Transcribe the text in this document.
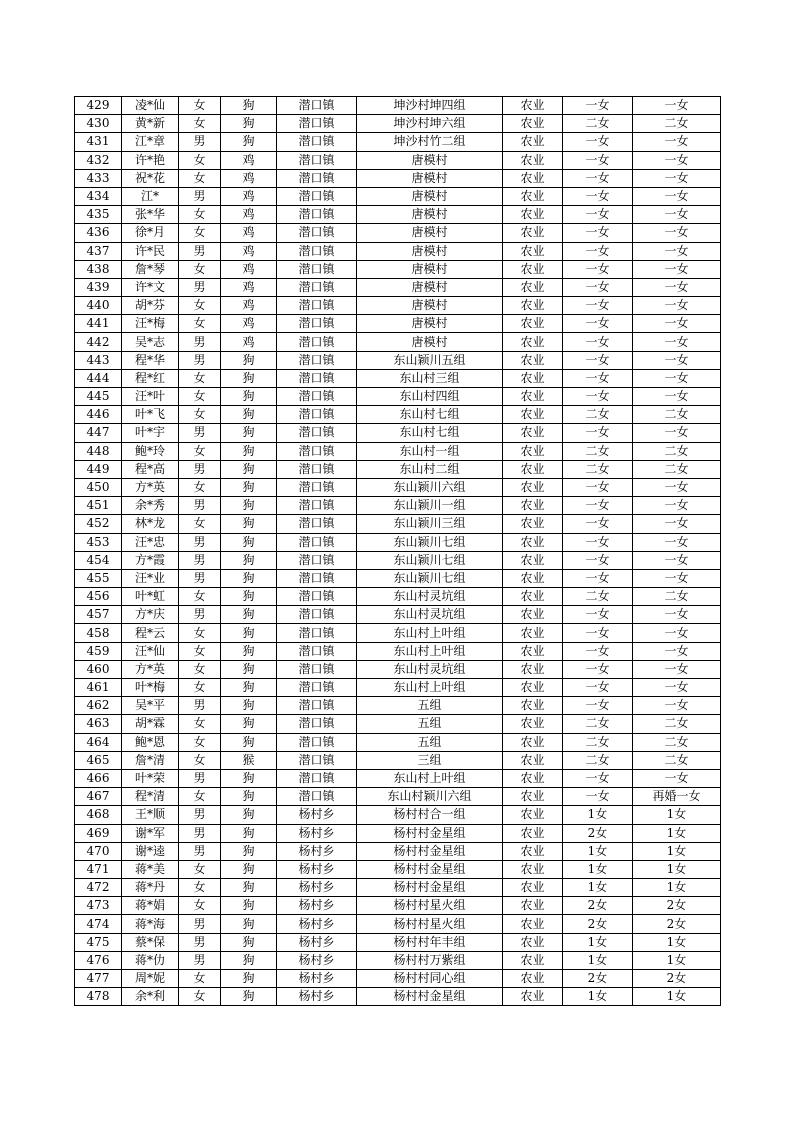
429	凌*仙	女	狗	潜口镇	坤沙村坤四组	农业	一女	一女
430	黄*新	女	狗	潜口镇	坤沙村坤六组	农业	二女	二女
431	江*章	男	狗	潜口镇	坤沙村竹二组	农业	一女	一女
432	许*艳	女	鸡	潜口镇	唐模村	农业	一女	一女
433	祝*花	女	鸡	潜口镇	唐模村	农业	一女	一女
434	江*	男	鸡	潜口镇	唐模村	农业	一女	一女
435	张*华	女	鸡	潜口镇	唐模村	农业	一女	一女
436	徐*月	女	鸡	潜口镇	唐模村	农业	一女	一女
437	许*民	男	鸡	潜口镇	唐模村	农业	一女	一女
438	詹*琴	女	鸡	潜口镇	唐模村	农业	一女	一女
439	许*文	男	鸡	潜口镇	唐模村	农业	一女	一女
440	胡*芬	女	鸡	潜口镇	唐模村	农业	一女	一女
441	汪*梅	女	鸡	潜口镇	唐模村	农业	一女	一女
442	吴*志	男	鸡	潜口镇	唐模村	农业	一女	一女
443	程*华	男	狗	潜口镇	东山颖川五组	农业	一女	一女
444	程*红	女	狗	潜口镇	东山村三组	农业	一女	一女
445	汪*叶	女	狗	潜口镇	东山村四组	农业	一女	一女
446	叶*飞	女	狗	潜口镇	东山村七组	农业	二女	二女
447	叶*宇	男	狗	潜口镇	东山村七组	农业	一女	一女
448	鲍*玲	女	狗	潜口镇	东山村一组	农业	二女	二女
449	程*高	男	狗	潜口镇	东山村二组	农业	二女	二女
450	方*英	女	狗	潜口镇	东山颖川六组	农业	一女	一女
451	余*秀	男	狗	潜口镇	东山颖川一组	农业	一女	一女
452	林*龙	女	狗	潜口镇	东山颖川三组	农业	一女	一女
453	汪*忠	男	狗	潜口镇	东山颖川七组	农业	一女	一女
454	方*霞	男	狗	潜口镇	东山颖川七组	农业	一女	一女
455	汪*业	男	狗	潜口镇	东山颖川七组	农业	一女	一女
456	叶*虹	女	狗	潜口镇	东山村灵坑组	农业	二女	二女
457	方*庆	男	狗	潜口镇	东山村灵坑组	农业	一女	一女
458	程*云	女	狗	潜口镇	东山村上叶组	农业	一女	一女
459	汪*仙	女	狗	潜口镇	东山村上叶组	农业	一女	一女
460	方*英	女	狗	潜口镇	东山村灵坑组	农业	一女	一女
461	叶*梅	女	狗	潜口镇	东山村上叶组	农业	一女	一女
462	吴*平	男	狗	潜口镇	五组	农业	一女	一女
463	胡*霖	女	狗	潜口镇	五组	农业	二女	二女
464	鲍*恩	女	狗	潜口镇	五组	农业	二女	二女
465	詹*清	女	猴	潜口镇	三组	农业	二女	二女
466	叶*荣	男	狗	潜口镇	东山村上叶组	农业	一女	一女
467	程*清	女	狗	潜口镇	东山村颖川六组	农业	一女	再婚一女
468	王*顺	男	狗	杨村乡	杨村村合一组	农业	1女	1女
469	谢*军	男	狗	杨村乡	杨村村金星组	农业	2女	1女
470	谢*逵	男	狗	杨村乡	杨村村金星组	农业	1女	1女
471	蒋*美	女	狗	杨村乡	杨村村金星组	农业	1女	1女
472	蒋*丹	女	狗	杨村乡	杨村村金星组	农业	1女	1女
473	蒋*娟	女	狗	杨村乡	杨村村星火组	农业	2女	2女
474	蒋*海	男	狗	杨村乡	杨村村星火组	农业	2女	2女
475	蔡*保	男	狗	杨村乡	杨村村年丰组	农业	1女	1女
476	蒋*仂	男	狗	杨村乡	杨村村万紫组	农业	1女	1女
477	周*妮	女	狗	杨村乡	杨村村同心组	农业	2女	2女
478	余*利	女	狗	杨村乡	杨村村金星组	农业	1女	1女
